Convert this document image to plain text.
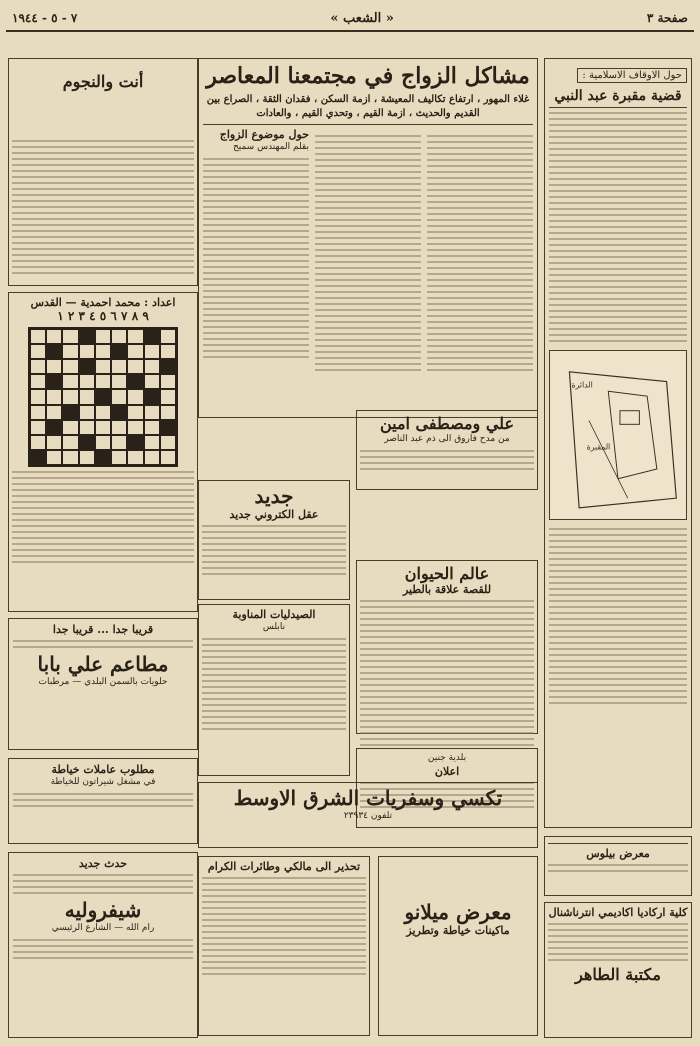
صفحة ٣
« الشعب »
٧ - ٥ - ١٩٤٤
حول الاوقاف الاسلامية :
قضية مقبرة عبد النبي
الدائرة
المقبرة
معرض بيلوس
كلية اركاديا اكاديمي انترناشنال
مكتبة الطاهر
مشاكل الزواج في مجتمعنا المعاصر
غلاء المهور ، ارتفاع تكاليف المعيشة ، ازمة السكن ، فقدان الثقة ، الصراع بين القديم والحديث ، ازمة القيم ، وتحدي القيم ، والعادات
حول موضوع الزواج
بقلم المهندس سميح
علي ومصطفى امين
من مدح فاروق الى ذم عبد الناصر
جديد
عقل الكتروني جديد
الصيدليات المناوبة
نابلس
عالم الحيوان
للقصة علاقة بالطير
بلدية جنين
اعلان
تكسي وسفريات الشرق الاوسط
تلفون ٢٣٩٣٤
معرض ميلانو
ماكينات خياطة وتطريز
تحذير الى مالكي وطائرات الكرام
أنت والنجوم
اعداد : محمد احمدية — القدس
٩ ٨ ٧ ٦ ٥ ٤ ٣ ٢ ١
قريبا جدا ... قريبا جدا
مطاعم علي بابا
حلويات بالسمن البلدي — مرطبات
مطلوب عاملات خياطة
في مشغل شيراتون للخياطة
حدث جديد
شيفروليه
رام الله — الشارع الرئيسي
